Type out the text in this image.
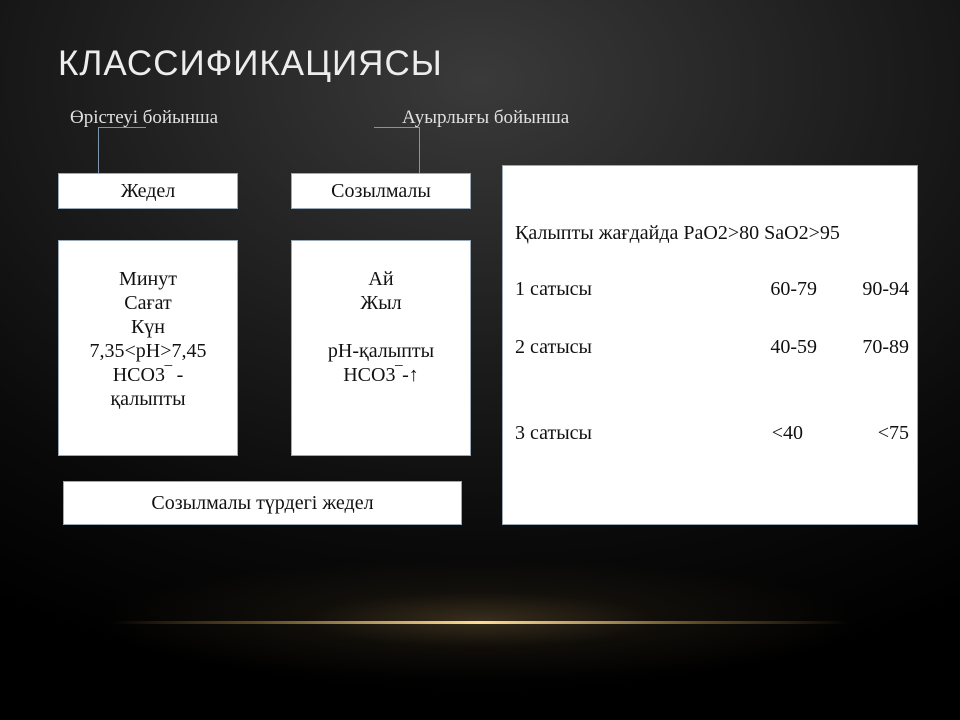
КЛАССИФИКАЦИЯСЫ
Өрістеуі бойынша	Ауырлығы бойынша
Жедел	Созылмалы
Минут
Сағат
Күн
7,35<pH>7,45
HCO3‾ -
қалыпты
Ай
Жыл
pH-қалыпты
HCO3‾-↑
Созылмалы түрдегі жедел
Қалыпты жағдайда PaO2>80 SaO2>95
1 сатысы	60-79 90-94
2 сатысы	40-59 70-89
3 сатысы	<40	<75
